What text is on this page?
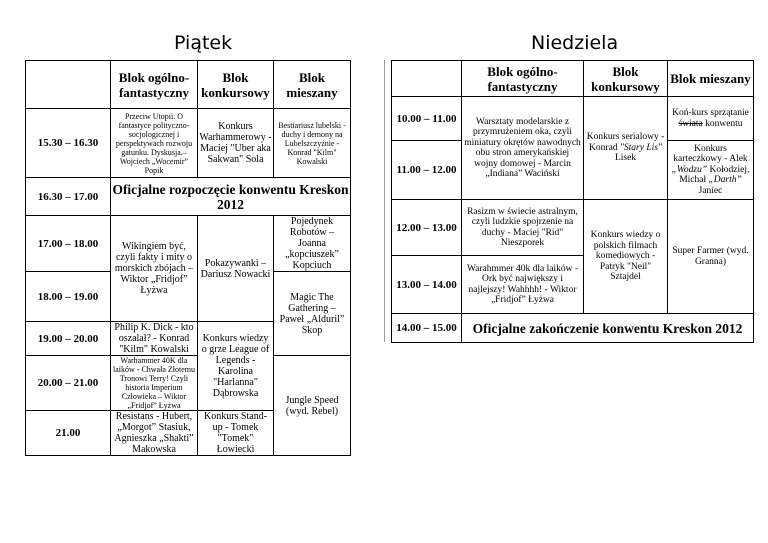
Piątek	Niedziela
	Blok ogólno-fantastyczny	Blok konkursowy	Blok mieszany
15.30 – 16.30	Przeciw Utopii. O fantastyce polityczno-socjologicznej i perspektywach rozwoju gatunku. Dyskusja.– Wojciech „Wocemir” Popik	Konkurs Warhammerowy - Maciej "Uber aka Sakwan" Sola	Bestiariusz lubelski - duchy i demony na Lubelszczyźnie - Konrad "Kilm" Kowalski
16.30 – 17.00	Oficjalne rozpoczęcie konwentu Kreskon 2012		
17.00 – 18.00	Wikingiem być, czyli fakty i mity o morskich zbójach – Wiktor „Fridjof” Łyżwa	Pokazywanki – Dariusz Nowacki	Pojedynek Robotów – Joanna „kopciuszek” Kopciuch
18.00 – 19.00			Magic The Gathering – Paweł „Alduril” Skop
19.00 – 20.00	Philip K. Dick - kto oszalał? - Konrad "Kilm" Kowalski	Konkurs wiedzy o grze League of Legends - Karolina "Harlanna" Dąbrowska	
20.00 – 21.00	Warhammer 40K dla laików - Chwała Złotemu Tronowi Terry! Czyli historia Imperium Człowieka – Wiktor „Fridjof” Łyżwa		Jungle Speed (wyd. Rebel)
21.00	Resistans - Hubert, „Morgot” Stasiuk, Agnieszka „Shakti” Makowska	Konkurs Stand-up - Tomek "Tomek" Łowiecki	
	Blok ogólno-fantastyczny	Blok konkursowy	Blok mieszany
10.00 – 11.00	Warsztaty modelarskie z przymrużeniem oka, czyli miniatury okrętów nawodnych obu stron amerykańskiej wojny domowej - Marcin „Indiana” Waciński	Konkurs serialowy - Konrad "Stary Lis" Lisek	Koń-kurs sprzątanie świata konwentu
11.00 – 12.00			Konkurs karteczkowy - Alek „Wodzu” Kołodziej, Michał „Darth” Janiec
12.00 – 13.00	Rasizm w świecie astralnym, czyli ludzkie spojrzenie na duchy - Maciej "Rid" Nieszporek	Konkurs wiedzy o polskich filmach komediowych - Patryk "Neil" Sztajdel	Super Farmer (wyd. Granna)
13.00 – 14.00	Warahmmer 40k dla laików - Ork być największy i najlejszy! Wahhhh! - Wiktor „Fridjof” Łyżwa		
14.00 – 15.00	Oficjalne zakończenie konwentu Kreskon 2012		
